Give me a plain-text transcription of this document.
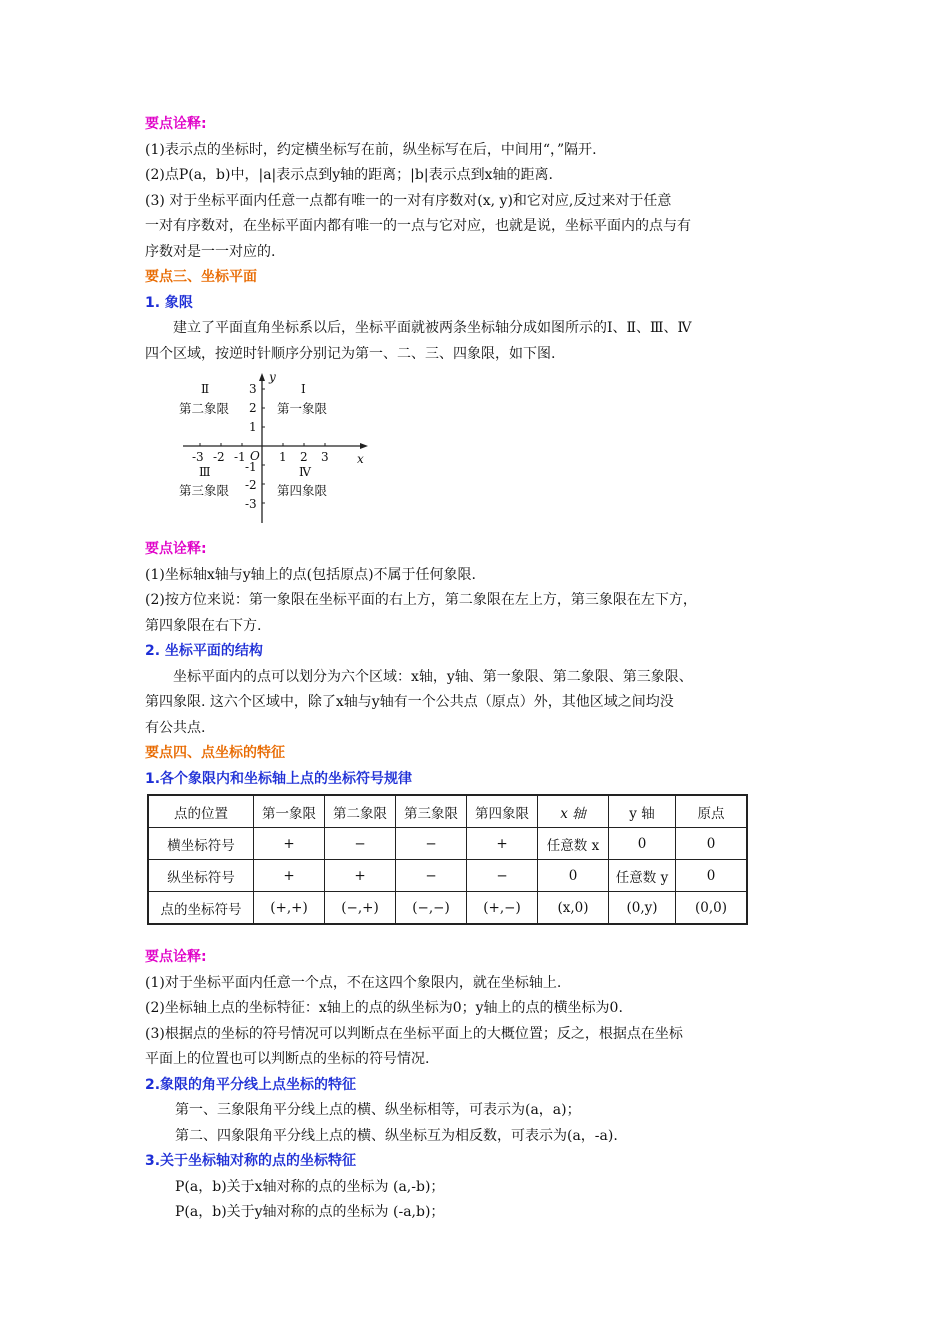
要点诠释:
(1)表示点的坐标时，约定横坐标写在前，纵坐标写在后，中间用“，”隔开.
(2)点P(a，b)中，|a|表示点到y轴的距离；|b|表示点到x轴的距离.
(3) 对于坐标平面内任意一点都有唯一的一对有序数对(x, y)和它对应,反过来对于任意
一对有序数对，在坐标平面内都有唯一的一点与它对应，也就是说，坐标平面内的点与有
序数对是一一对应的.
要点三、坐标平面
1. 象限
建立了平面直角坐标系以后，坐标平面就被两条坐标轴分成如图所示的Ⅰ、Ⅱ、Ⅲ、Ⅳ
四个区域，按逆时针顺序分别记为第一、二、三、四象限，如下图.
y
x
O
-3 -2 -1	1 2 3
3
2
1
-1
-2
-3
Ⅱ
第二象限
Ⅰ
第一象限
Ⅲ
第三象限
Ⅳ
第四象限
要点诠释:
(1)坐标轴x轴与y轴上的点(包括原点)不属于任何象限.
(2)按方位来说：第一象限在坐标平面的右上方，第二象限在左上方，第三象限在左下方，
第四象限在右下方.
2. 坐标平面的结构
坐标平面内的点可以划分为六个区域：x轴，y轴、第一象限、第二象限、第三象限、
第四象限. 这六个区域中，除了x轴与y轴有一个公共点（原点）外，其他区域之间均没
有公共点.
要点四、点坐标的特征
1.各个象限内和坐标轴上点的坐标符号规律
点的位置	第一象限	第二象限	第三象限	第四象限	x 轴	y 轴	原点
横坐标符号	+	−	−	+	任意数 x	0	0
纵坐标符号	+	+	−	−	0	任意数 y	0
点的坐标符号	(+,+)	(−,+)	(−,−)	(+,−)	(x,0)	(0,y)	(0,0)
要点诠释:
(1)对于坐标平面内任意一个点，不在这四个象限内，就在坐标轴上.
(2)坐标轴上点的坐标特征：x轴上的点的纵坐标为0；y轴上的点的横坐标为0.
(3)根据点的坐标的符号情况可以判断点在坐标平面上的大概位置；反之，根据点在坐标
平面上的位置也可以判断点的坐标的符号情况.
2.象限的角平分线上点坐标的特征
第一、三象限角平分线上点的横、纵坐标相等，可表示为(a，a)；
第二、四象限角平分线上点的横、纵坐标互为相反数，可表示为(a，-a).
3.关于坐标轴对称的点的坐标特征
P(a，b)关于x轴对称的点的坐标为 (a,-b)；
P(a，b)关于y轴对称的点的坐标为 (-a,b)；
